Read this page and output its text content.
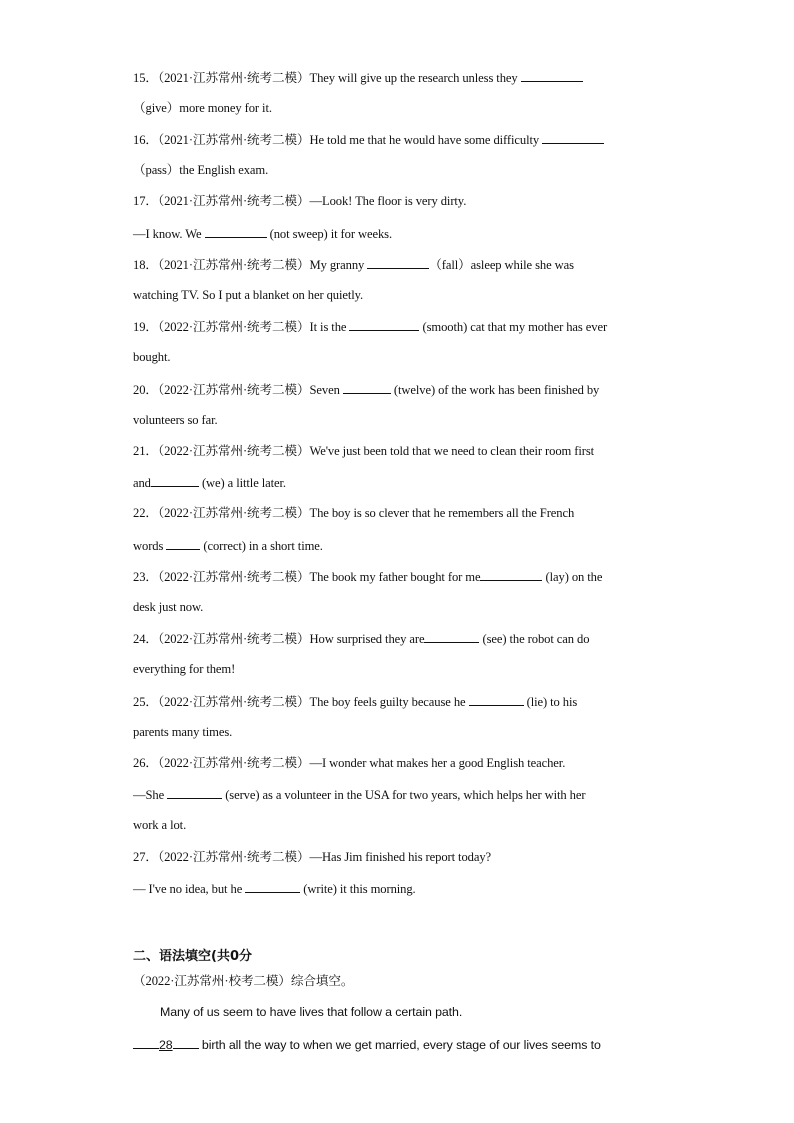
15．（2021·江苏常州·统考二模）They will give up the research unless they
（give）more money for it.
16．（2021·江苏常州·统考二模）He told me that he would have some difficulty
（pass）the English exam.
17．（2021·江苏常州·统考二模）—Look! The floor is very dirty.
—I know. We	(not sweep) it for weeks.
18．（2021·江苏常州·统考二模）My granny	（fall）asleep while she was
watching TV. So I put a blanket on her quietly.
19．（2022·江苏常州·统考二模）It is the	(smooth) cat that my mother has ever
bought.
20．（2022·江苏常州·统考二模）Seven	(twelve) of the work has been finished by
volunteers so far.
21．（2022·江苏常州·统考二模）We've just been told that we need to clean their room first
and	(we) a little later.
22．（2022·江苏常州·统考二模）The boy is so clever that he remembers all the French
words	(correct) in a short time.
23．（2022·江苏常州·统考二模）The book my father bought for me	(lay) on the
desk just now.
24．（2022·江苏常州·统考二模）How surprised they are	(see) the robot can do
everything for them!
25．（2022·江苏常州·统考二模）The boy feels guilty because he	(lie) to his
parents many times.
26．（2022·江苏常州·统考二模）—I wonder what makes her a good English teacher.
—She	(serve) as a volunteer in the USA for two years, which helps her with her
work a lot.
27．（2022·江苏常州·统考二模）—Has Jim finished his report today?
— I've no idea, but he	(write) it this morning.
二、语法填空(共0分
（2022·江苏常州·校考二模）综合填空。
Many of us seem to have lives that follow a certain path.
28 birth all the way to when we get married, every stage of our lives seems to
